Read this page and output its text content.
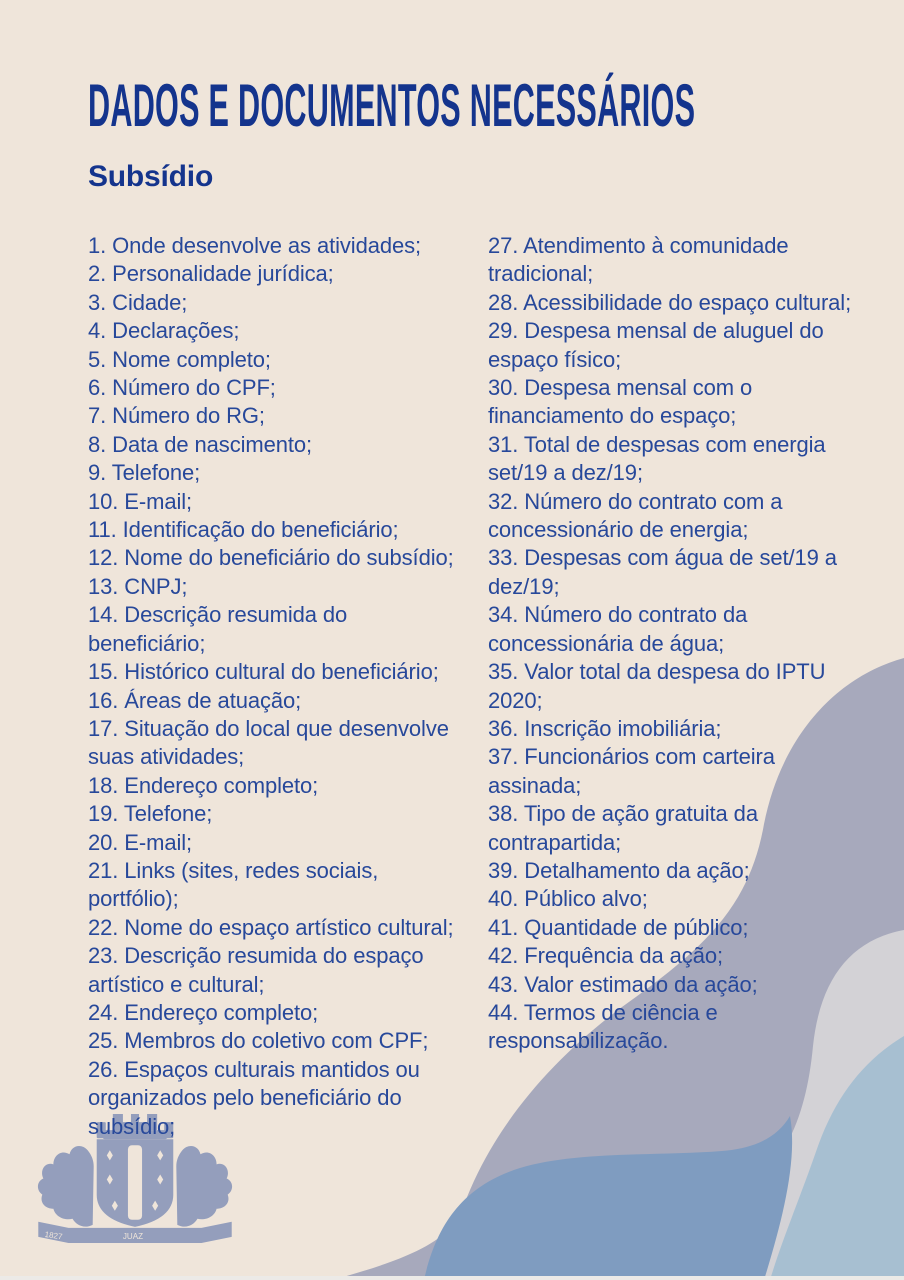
1827	JUAZ
DADOS E DOCUMENTOS NECESSÁRIOS
Subsídio
1. Onde desenvolve as atividades;
2. Personalidade jurídica;
3. Cidade;
4. Declarações;
5. Nome completo;
6. Número do CPF;
7. Número do RG;
8. Data de nascimento;
9. Telefone;
10. E-mail;
11. Identificação do beneficiário;
12. Nome do beneficiário do subsídio;
13. CNPJ;
14. Descrição resumida do beneficiário;
15. Histórico cultural do beneficiário;
16. Áreas de atuação;
17. Situação do local que desenvolve suas atividades;
18. Endereço completo;
19. Telefone;
20. E-mail;
21. Links (sites, redes sociais, portfólio);
22. Nome do espaço artístico cultural;
23. Descrição resumida do espaço artístico e cultural;
24. Endereço completo;
25. Membros do coletivo com CPF;
26. Espaços culturais mantidos ou organizados pelo beneficiário do subsídio;
27. Atendimento à comunidade tradicional;
28. Acessibilidade do espaço cultural;
29. Despesa mensal de aluguel do espaço físico;
30. Despesa mensal com o financiamento do espaço;
31. Total de despesas com energia set/19 a dez/19;
32. Número do contrato com a concessionário de energia;
33. Despesas com água de set/19 a dez/19;
34. Número do contrato da concessionária de água;
35. Valor total da despesa do IPTU 2020;
36. Inscrição imobiliária;
37. Funcionários com carteira assinada;
38. Tipo de ação gratuita da contrapartida;
39. Detalhamento da ação;
40. Público alvo;
41. Quantidade de público;
42. Frequência da ação;
43. Valor estimado da ação;
44. Termos de ciência e responsabilização.
